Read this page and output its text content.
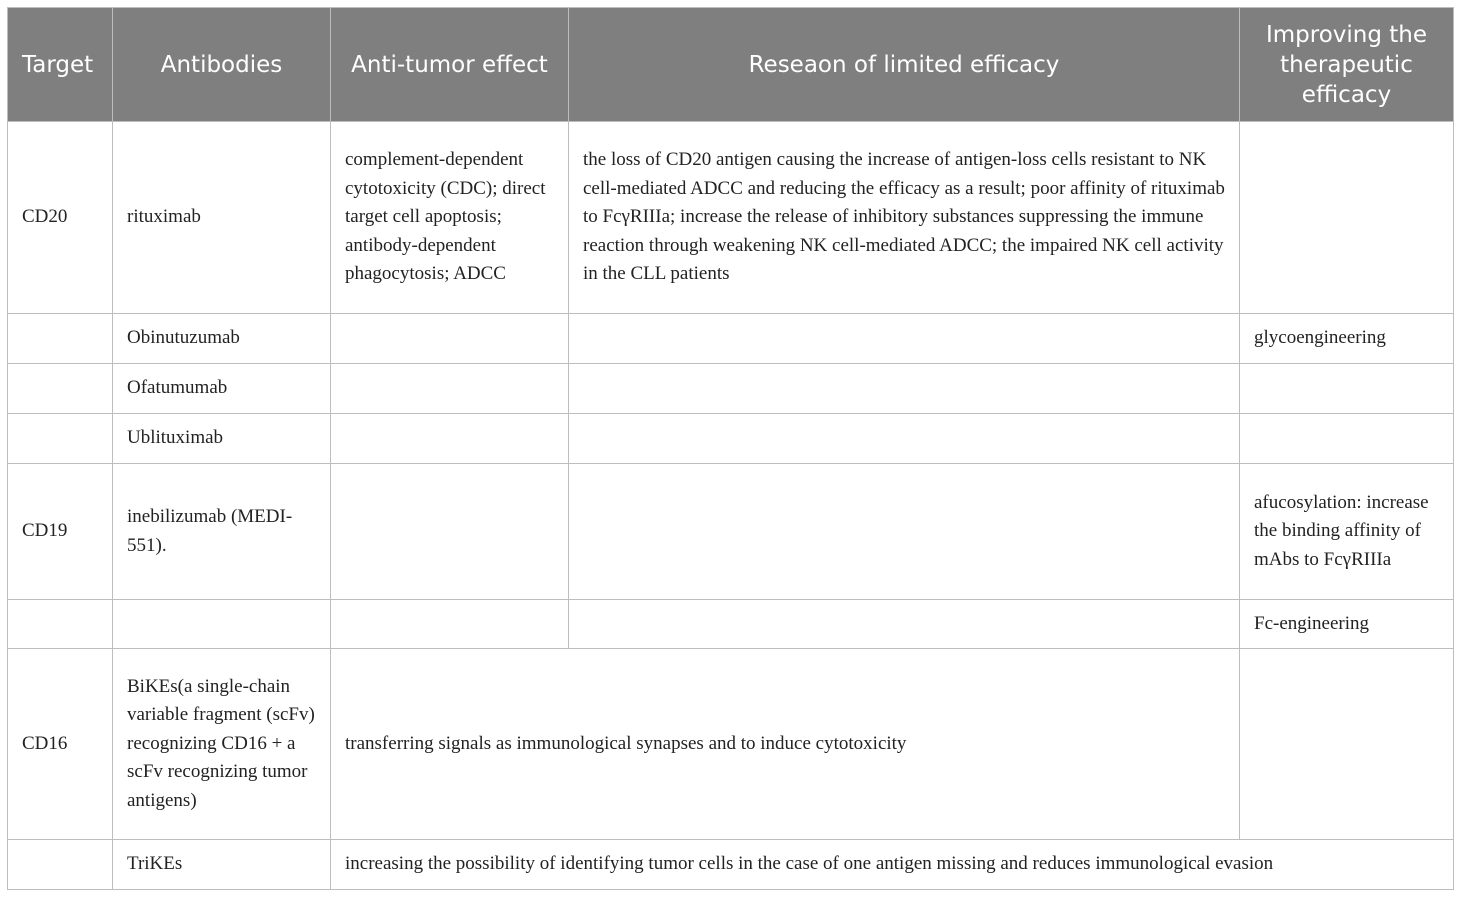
Target	Antibodies	Anti-tumor effect	Reseaon of limited efficacy	Improving the therapeutic efficacy
CD20	rituximab	complement-dependent cytotoxicity (CDC); direct target cell apoptosis; antibody-dependent phagocytosis; ADCC	the loss of CD20 antigen causing the increase of antigen-loss cells resistant to NK cell-mediated ADCC and reducing the efficacy as a result; poor affinity of rituximab to FcγRIIIa; increase the release of inhibitory substances suppressing the immune reaction through weakening NK cell-mediated ADCC; the impaired NK cell activity in the CLL patients	
	Obinutuzumab			glycoengineering
	Ofatumumab			
	Ublituximab			
CD19	inebilizumab (MEDI-551).			afucosylation: increase the binding affinity of mAbs to FcγRIIIa
				Fc-engineering
CD16	BiKEs(a single-chain variable fragment (scFv) recognizing CD16 + a scFv recognizing tumor antigens)	transferring signals as immunological synapses and to induce cytotoxicity		
	TriKEs	increasing the possibility of identifying tumor cells in the case of one antigen missing and reduces immunological evasion		
